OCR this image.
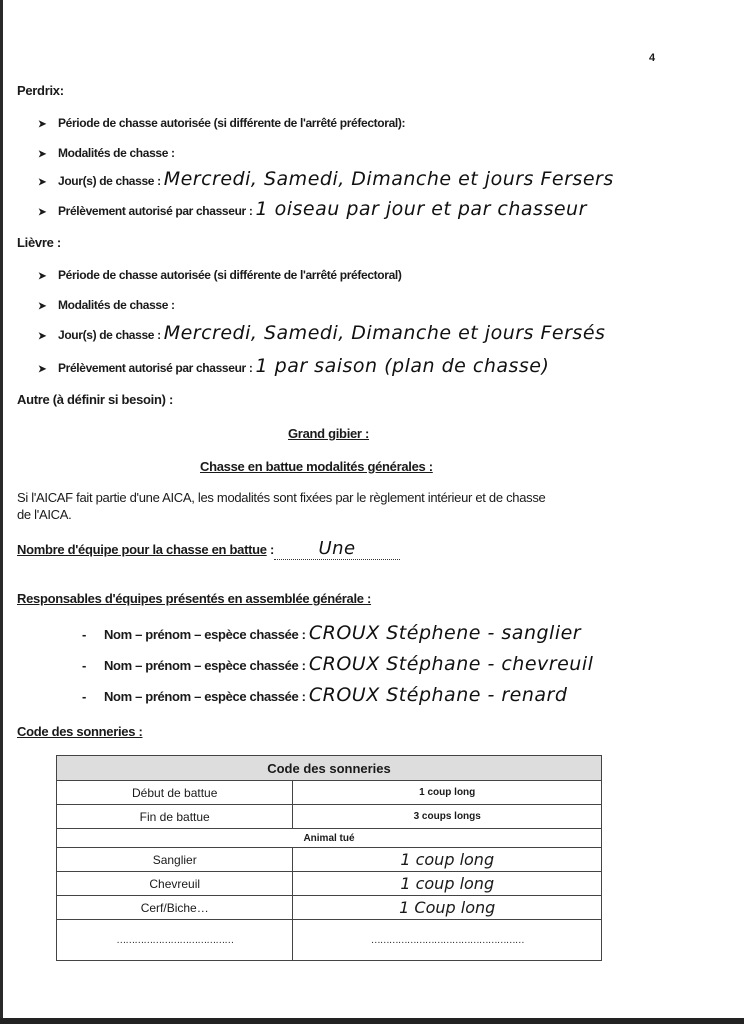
4
Perdrix:
➤ Période de chasse autorisée (si différente de l'arrêté préfectoral):
➤ Modalités de chasse :
➤ Jour(s) de chasse : Mercredi, Samedi, Dimanche et jours Fersers
➤ Prélèvement autorisé par chasseur : 1 oiseau par jour et par chasseur
Lièvre :
➤ Période de chasse autorisée (si différente de l'arrêté préfectoral)
➤ Modalités de chasse :
➤ Jour(s) de chasse : Mercredi, Samedi, Dimanche et jours Fersés
➤ Prélèvement autorisé par chasseur : 1 par saison (plan de chasse)
Autre (à définir si besoin) :
Grand gibier :
Chasse en battue modalités générales :
Si l'AICAF fait partie d'une AICA, les modalités sont fixées par le règlement intérieur et de chasse
de l'AICA.
Nombre d'équipe pour la chasse en battue : Une
Responsables d'équipes présentés en assemblée générale :
- Nom – prénom – espèce chassée : CROUX Stéphene - sanglier
- Nom – prénom – espèce chassée : CROUX Stéphane - chevreuil
- Nom – prénom – espèce chassée : CROUX Stéphane - renard
Code des sonneries :
Code des sonneries	
Début de battue	1 coup long
Fin de battue	3 coups longs
Animal tué	
Sanglier	1 coup long
Chevreuil	1 coup long
Cerf/Biche…	1 Coup long
…………………………………	……………………………………………
